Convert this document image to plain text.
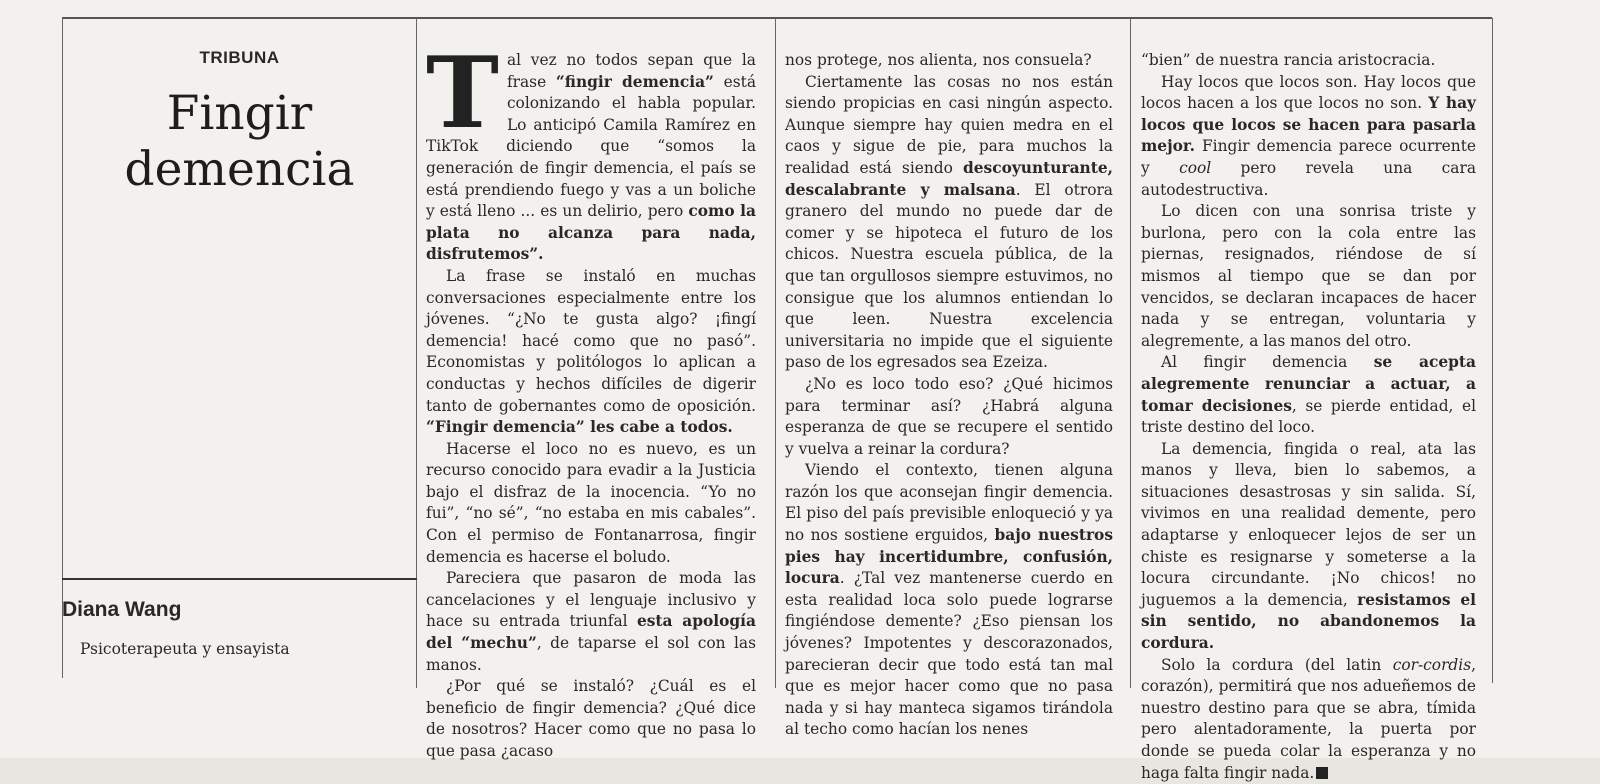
TRIBUNA
Fingir
demencia
Diana Wang
Psicoterapeuta y ensayista

Tal vez no todos sepan que la frase “fingir demencia” está colonizando el habla popular. Lo anticipó Camila Ramírez en TikTok diciendo que “somos la generación de fingir demencia, el país se está prendiendo fuego y vas a un boliche y está lleno ... es un delirio, pero como la plata no alcanza para nada, disfrutemos”.

La frase se instaló en muchas conversaciones especialmente entre los jóvenes. “¿No te gusta algo? ¡fingí demencia! hacé como que no pasó”. Economistas y politólogos lo aplican a conductas y hechos difíciles de digerir tanto de gobernantes como de oposición. “Fingir demencia” les cabe a todos.

Hacerse el loco no es nuevo, es un recurso conocido para evadir a la Justicia bajo el disfraz de la inocencia. “Yo no fui”, “no sé”, “no estaba en mis cabales”. Con el permiso de Fontanarrosa, fingir demencia es hacerse el boludo.

Pareciera que pasaron de moda las cancelaciones y el lenguaje inclusivo y hace su entrada triunfal esta apología del “mechu”, de taparse el sol con las manos.

¿Por qué se instaló? ¿Cuál es el beneficio de fingir demencia? ¿Qué dice de nosotros? Hacer como que no pasa lo que pasa ¿acaso

nos protege, nos alienta, nos consuela?

Ciertamente las cosas no nos están siendo propicias en casi ningún aspecto. Aunque siempre hay quien medra en el caos y sigue de pie, para muchos la realidad está siendo descoyunturante, descalabrante y malsana. El otrora granero del mundo no puede dar de comer y se hipoteca el futuro de los chicos. Nuestra escuela pública, de la que tan orgullosos siempre estuvimos, no consigue que los alumnos entiendan lo que leen. Nuestra excelencia universitaria no impide que el siguiente paso de los egresados sea Ezeiza.

¿No es loco todo eso? ¿Qué hicimos para terminar así? ¿Habrá alguna esperanza de que se recupere el sentido y vuelva a reinar la cordura?

Viendo el contexto, tienen alguna razón los que aconsejan fingir demencia. El piso del país previsible enloqueció y ya no nos sostiene erguidos, bajo nuestros pies hay incertidumbre, confusión, locura. ¿Tal vez mantenerse cuerdo en esta realidad loca solo puede lograrse fingiéndose demente? ¿Eso piensan los jóvenes? Impotentes y descorazonados, parecieran decir que todo está tan mal que es mejor hacer como que no pasa nada y si hay manteca sigamos tirándola al techo como hacían los nenes

“bien” de nuestra rancia aristocracia.

Hay locos que locos son. Hay locos que locos hacen a los que locos no son. Y hay locos que locos se hacen para pasarla mejor. Fingir demencia parece ocurrente y cool pero revela una cara autodestructiva.

Lo dicen con una sonrisa triste y burlona, pero con la cola entre las piernas, resignados, riéndose de sí mismos al tiempo que se dan por vencidos, se declaran incapaces de hacer nada y se entregan, voluntaria y alegremente, a las manos del otro.

Al fingir demencia se acepta alegremente renunciar a actuar, a tomar decisiones, se pierde entidad, el triste destino del loco.

La demencia, fingida o real, ata las manos y lleva, bien lo sabemos, a situaciones desastrosas y sin salida. Sí, vivimos en una realidad demente, pero adaptarse y enloquecer lejos de ser un chiste es resignarse y someterse a la locura circundante. ¡No chicos! no juguemos a la demencia, resistamos el sin sentido, no abandonemos la cordura.

Solo la cordura (del latin cor-cordis, corazón), permitirá que nos adueñemos de nuestro destino para que se abra, tímida pero alentadoramente, la puerta por donde se pueda colar la esperanza y no haga falta fingir nada.
